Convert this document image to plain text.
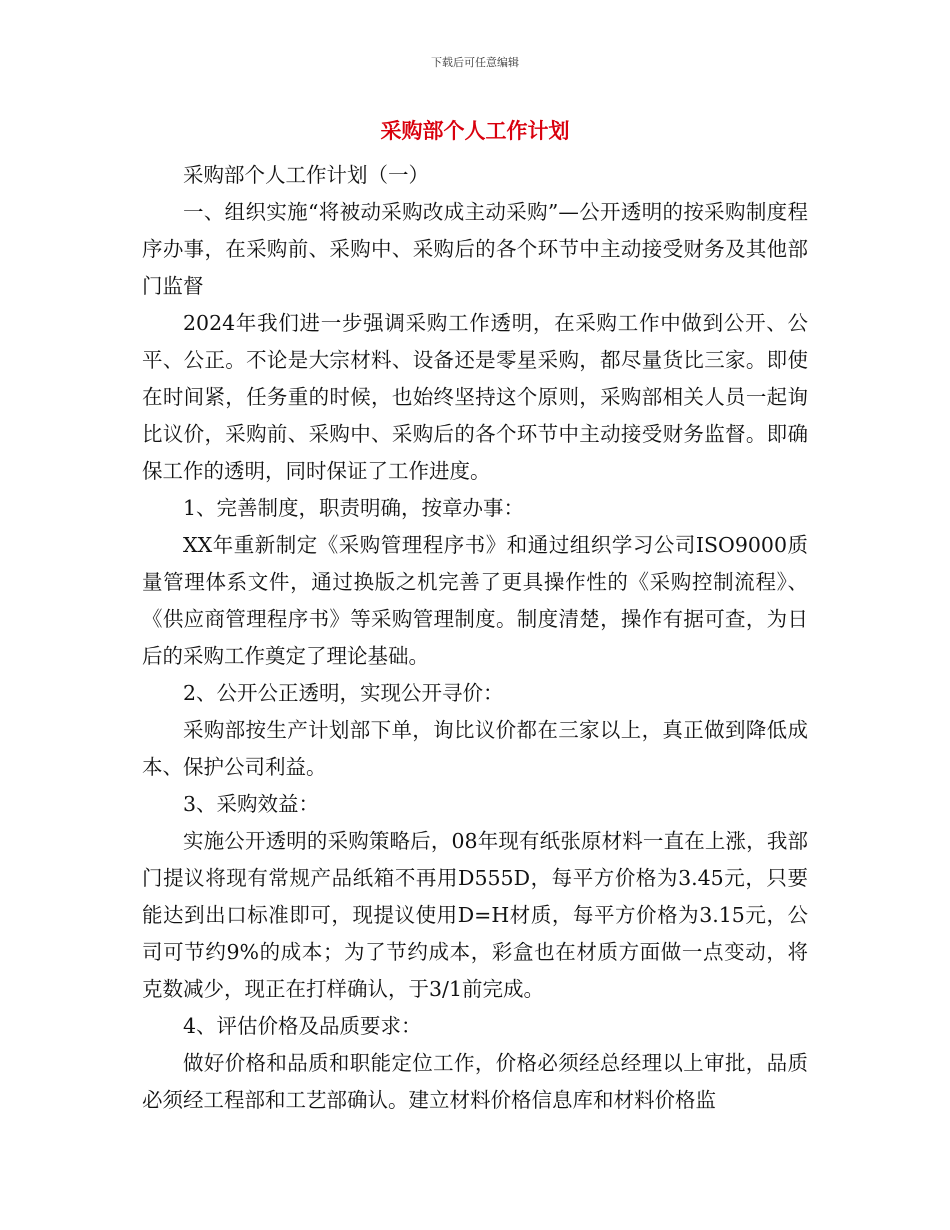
下载后可任意编辑

采购部个人工作计划

采购部个人工作计划（一）

一、组织实施“将被动采购改成主动采购”—公开透明的按采购制度程序办事，在采购前、采购中、采购后的各个环节中主动接受财务及其他部门监督

2024年我们进一步强调采购工作透明，在采购工作中做到公开、公平、公正。不论是大宗材料、设备还是零星采购，都尽量货比三家。即使在时间紧，任务重的时候，也始终坚持这个原则，采购部相关人员一起询比议价，采购前、采购中、采购后的各个环节中主动接受财务监督。即确保工作的透明，同时保证了工作进度。

1、完善制度，职责明确，按章办事：

XX年重新制定《采购管理程序书》和通过组织学习公司ISO9000质量管理体系文件，通过换版之机完善了更具操作性的《采购控制流程》、《供应商管理程序书》等采购管理制度。制度清楚，操作有据可查，为日后的采购工作奠定了理论基础。

2、公开公正透明，实现公开寻价：

采购部按生产计划部下单，询比议价都在三家以上，真正做到降低成本、保护公司利益。

3、采购效益：

实施公开透明的采购策略后，08年现有纸张原材料一直在上涨，我部门提议将现有常规产品纸箱不再用D555D，每平方价格为3.45元，只要能达到出口标准即可，现提议使用D=H材质，每平方价格为3.15元，公司可节约9%的成本；为了节约成本，彩盒也在材质方面做一点变动，将克数减少，现正在打样确认，于3/1前完成。

4、评估价格及品质要求：

做好价格和品质和职能定位工作，价格必须经总经理以上审批，品质必须经工程部和工艺部确认。建立材料价格信息库和材料价格监
